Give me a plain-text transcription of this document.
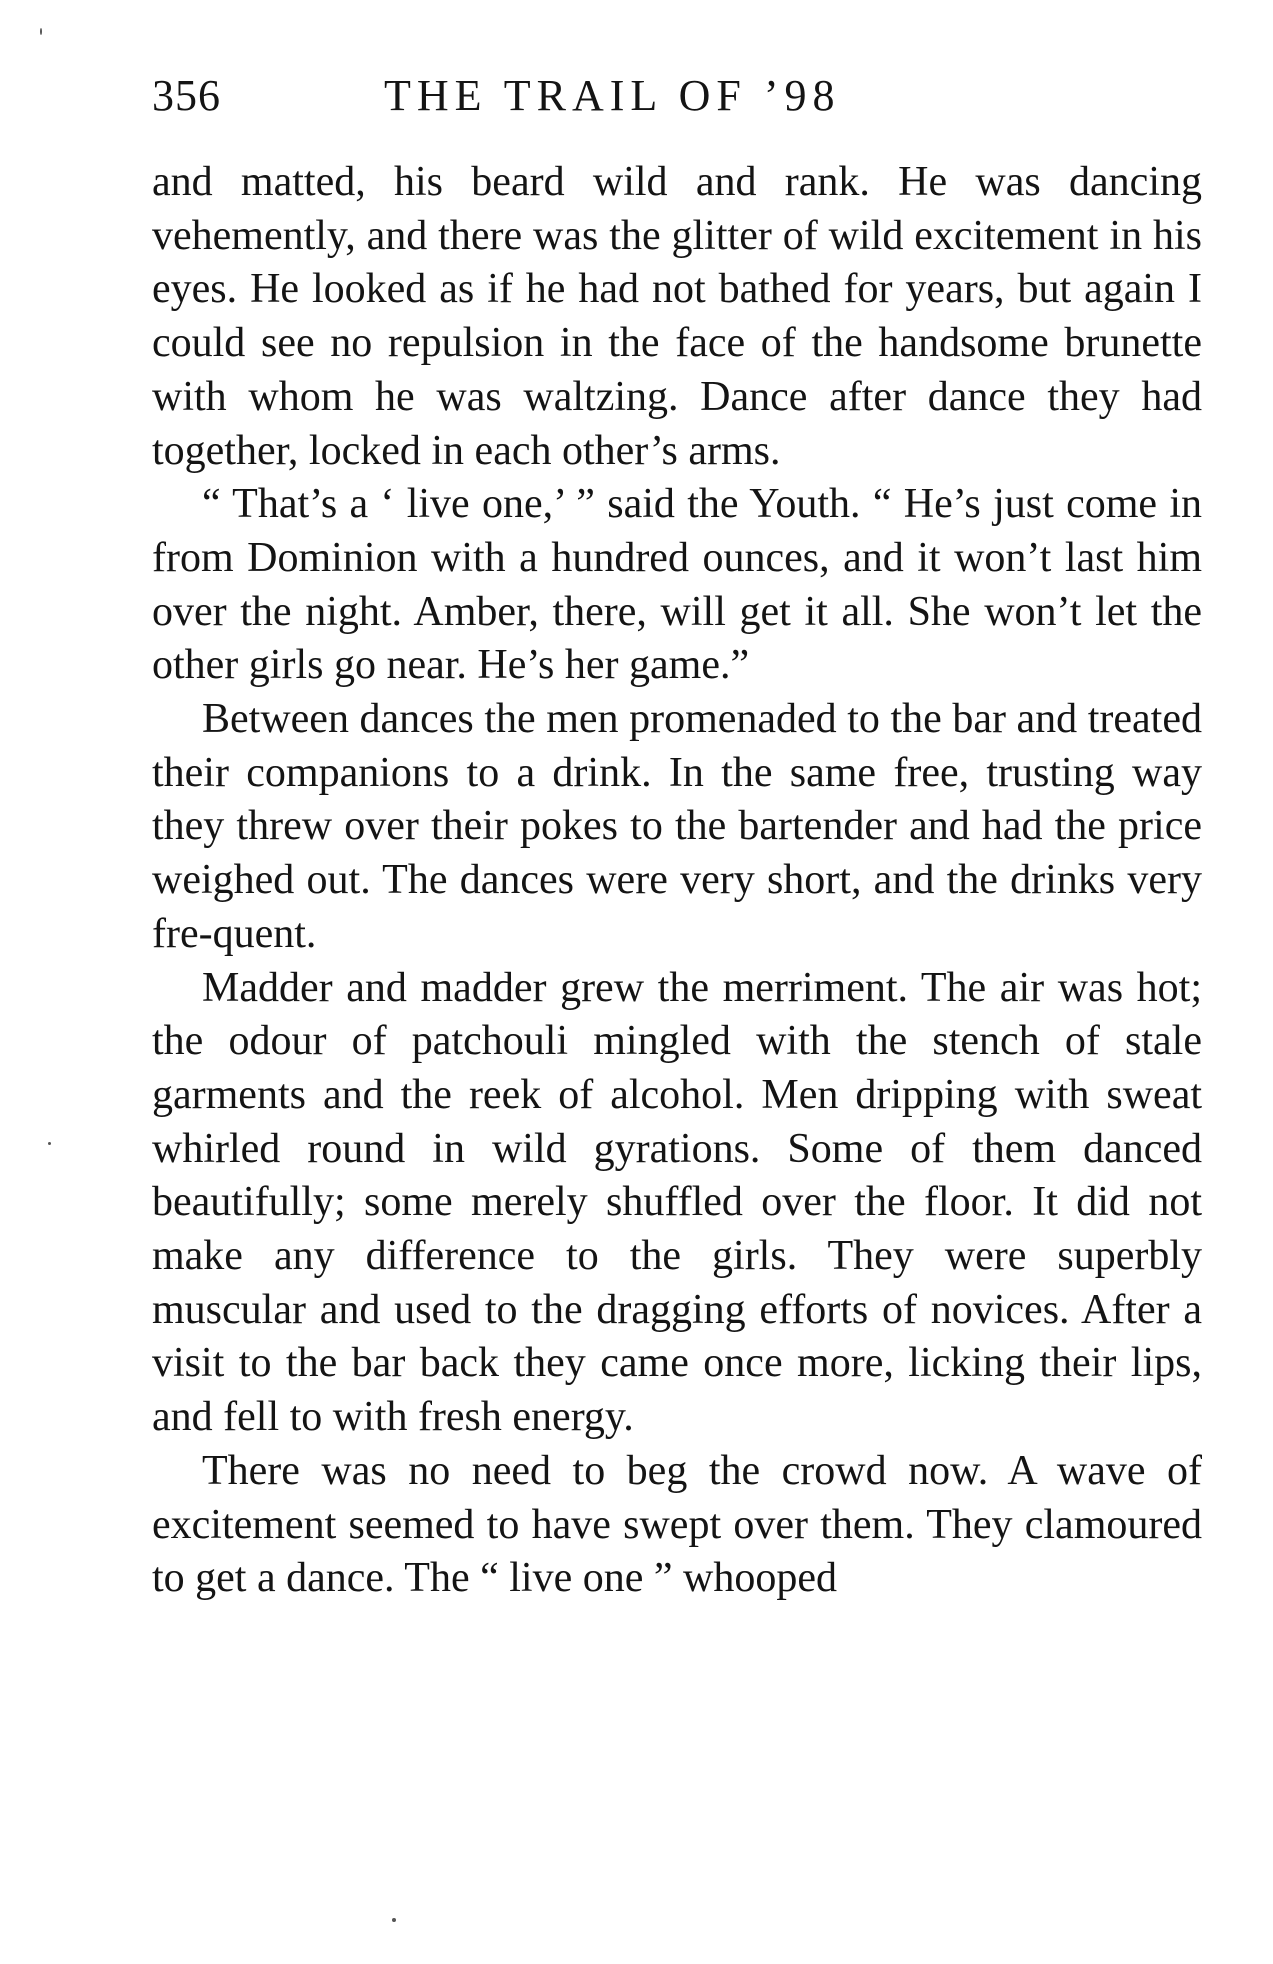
356	THE TRAIL OF ’98

and matted, his beard wild and rank. He was dancing vehemently, and there was the glitter of wild excitement in his eyes. He looked as if he had not bathed for years, but again I could see no repulsion in the face of the handsome brunette with whom he was waltzing. Dance after dance they had together, locked in each other’s arms.

“ That’s a ‘ live one,’ ” said the Youth. “ He’s just come in from Dominion with a hundred ounces, and it won’t last him over the night. Amber, there, will get it all. She won’t let the other girls go near. He’s her game.”

Between dances the men promenaded to the bar and treated their companions to a drink. In the same free, trusting way they threw over their pokes to the bartender and had the price weighed out. The dances were very short, and the drinks very fre-quent.

Madder and madder grew the merriment. The air was hot; the odour of patchouli mingled with the stench of stale garments and the reek of alcohol. Men dripping with sweat whirled round in wild gyrations. Some of them danced beautifully; some merely shuffled over the floor. It did not make any difference to the girls. They were superbly muscular and used to the dragging efforts of novices. After a visit to the bar back they came once more, licking their lips, and fell to with fresh energy.

There was no need to beg the crowd now. A wave of excitement seemed to have swept over them. They clamoured to get a dance. The “ live one ” whooped
